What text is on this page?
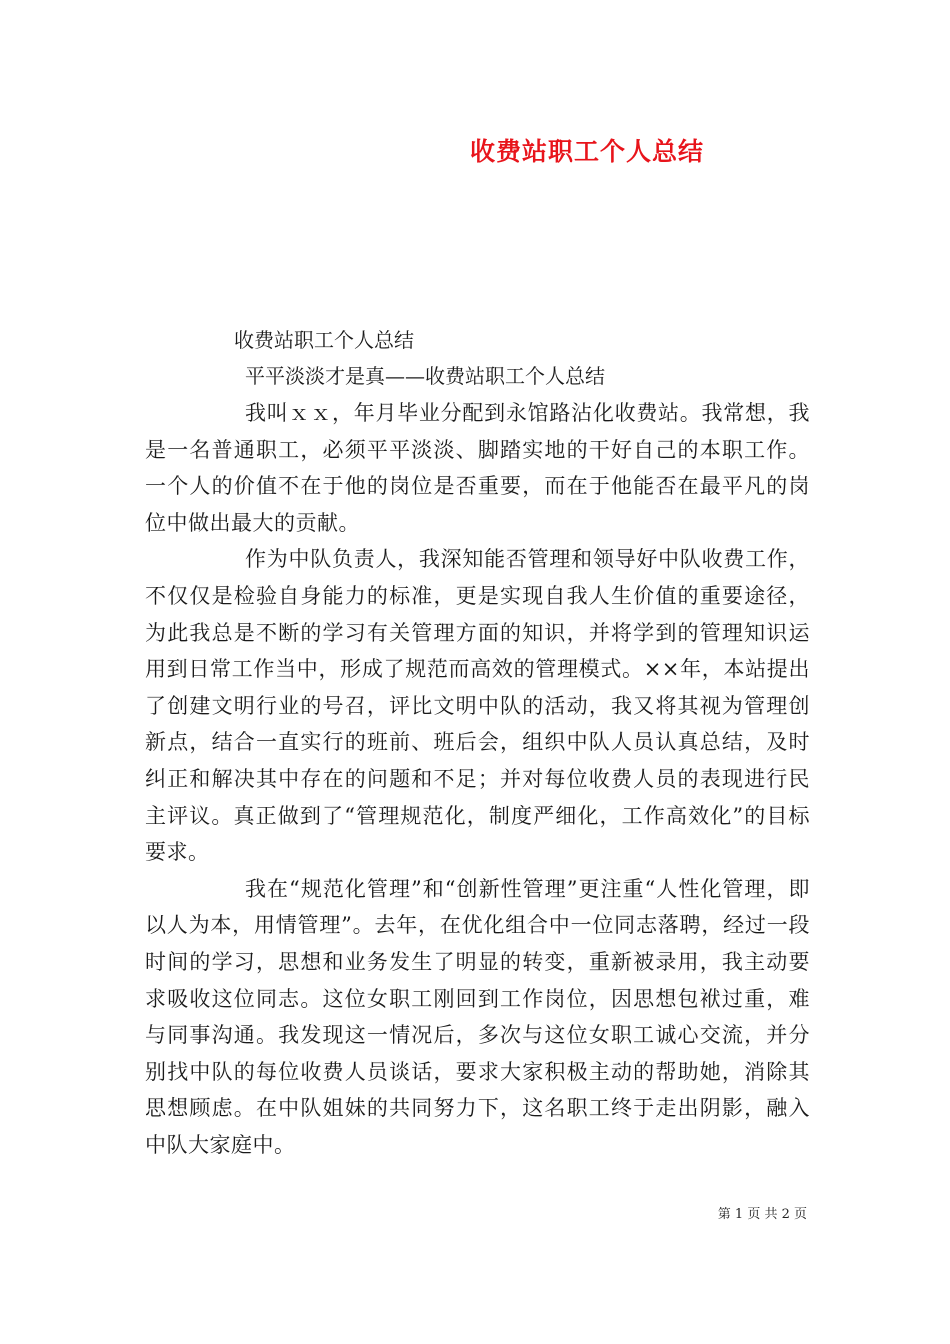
收费站职工个人总结
收费站职工个人总结
平平淡淡才是真——收费站职工个人总结

我叫ｘｘ，年月毕业分配到永馆路沾化收费站。我常想，我是一名普通职工，必须平平淡淡、脚踏实地的干好自己的本职工作。一个人的价值不在于他的岗位是否重要，而在于他能否在最平凡的岗位中做出最大的贡献。

作为中队负责人，我深知能否管理和领导好中队收费工作，不仅仅是检验自身能力的标准，更是实现自我人生价值的重要途径，为此我总是不断的学习有关管理方面的知识，并将学到的管理知识运用到日常工作当中，形成了规范而高效的管理模式。××年，本站提出了创建文明行业的号召，评比文明中队的活动，我又将其视为管理创新点，结合一直实行的班前、班后会，组织中队人员认真总结，及时纠正和解决其中存在的问题和不足；并对每位收费人员的表现进行民主评议。真正做到了“管理规范化，制度严细化，工作高效化”的目标要求。

我在“规范化管理”和“创新性管理”更注重“人性化管理，即以人为本，用情管理”。去年，在优化组合中一位同志落聘，经过一段时间的学习，思想和业务发生了明显的转变，重新被录用，我主动要求吸收这位同志。这位女职工刚回到工作岗位，因思想包袱过重，难与同事沟通。我发现这一情况后，多次与这位女职工诚心交流，并分别找中队的每位收费人员谈话，要求大家积极主动的帮助她，消除其思想顾虑。在中队姐妹的共同努力下，这名职工终于走出阴影，融入中队大家庭中。

第 1 页 共 2 页
